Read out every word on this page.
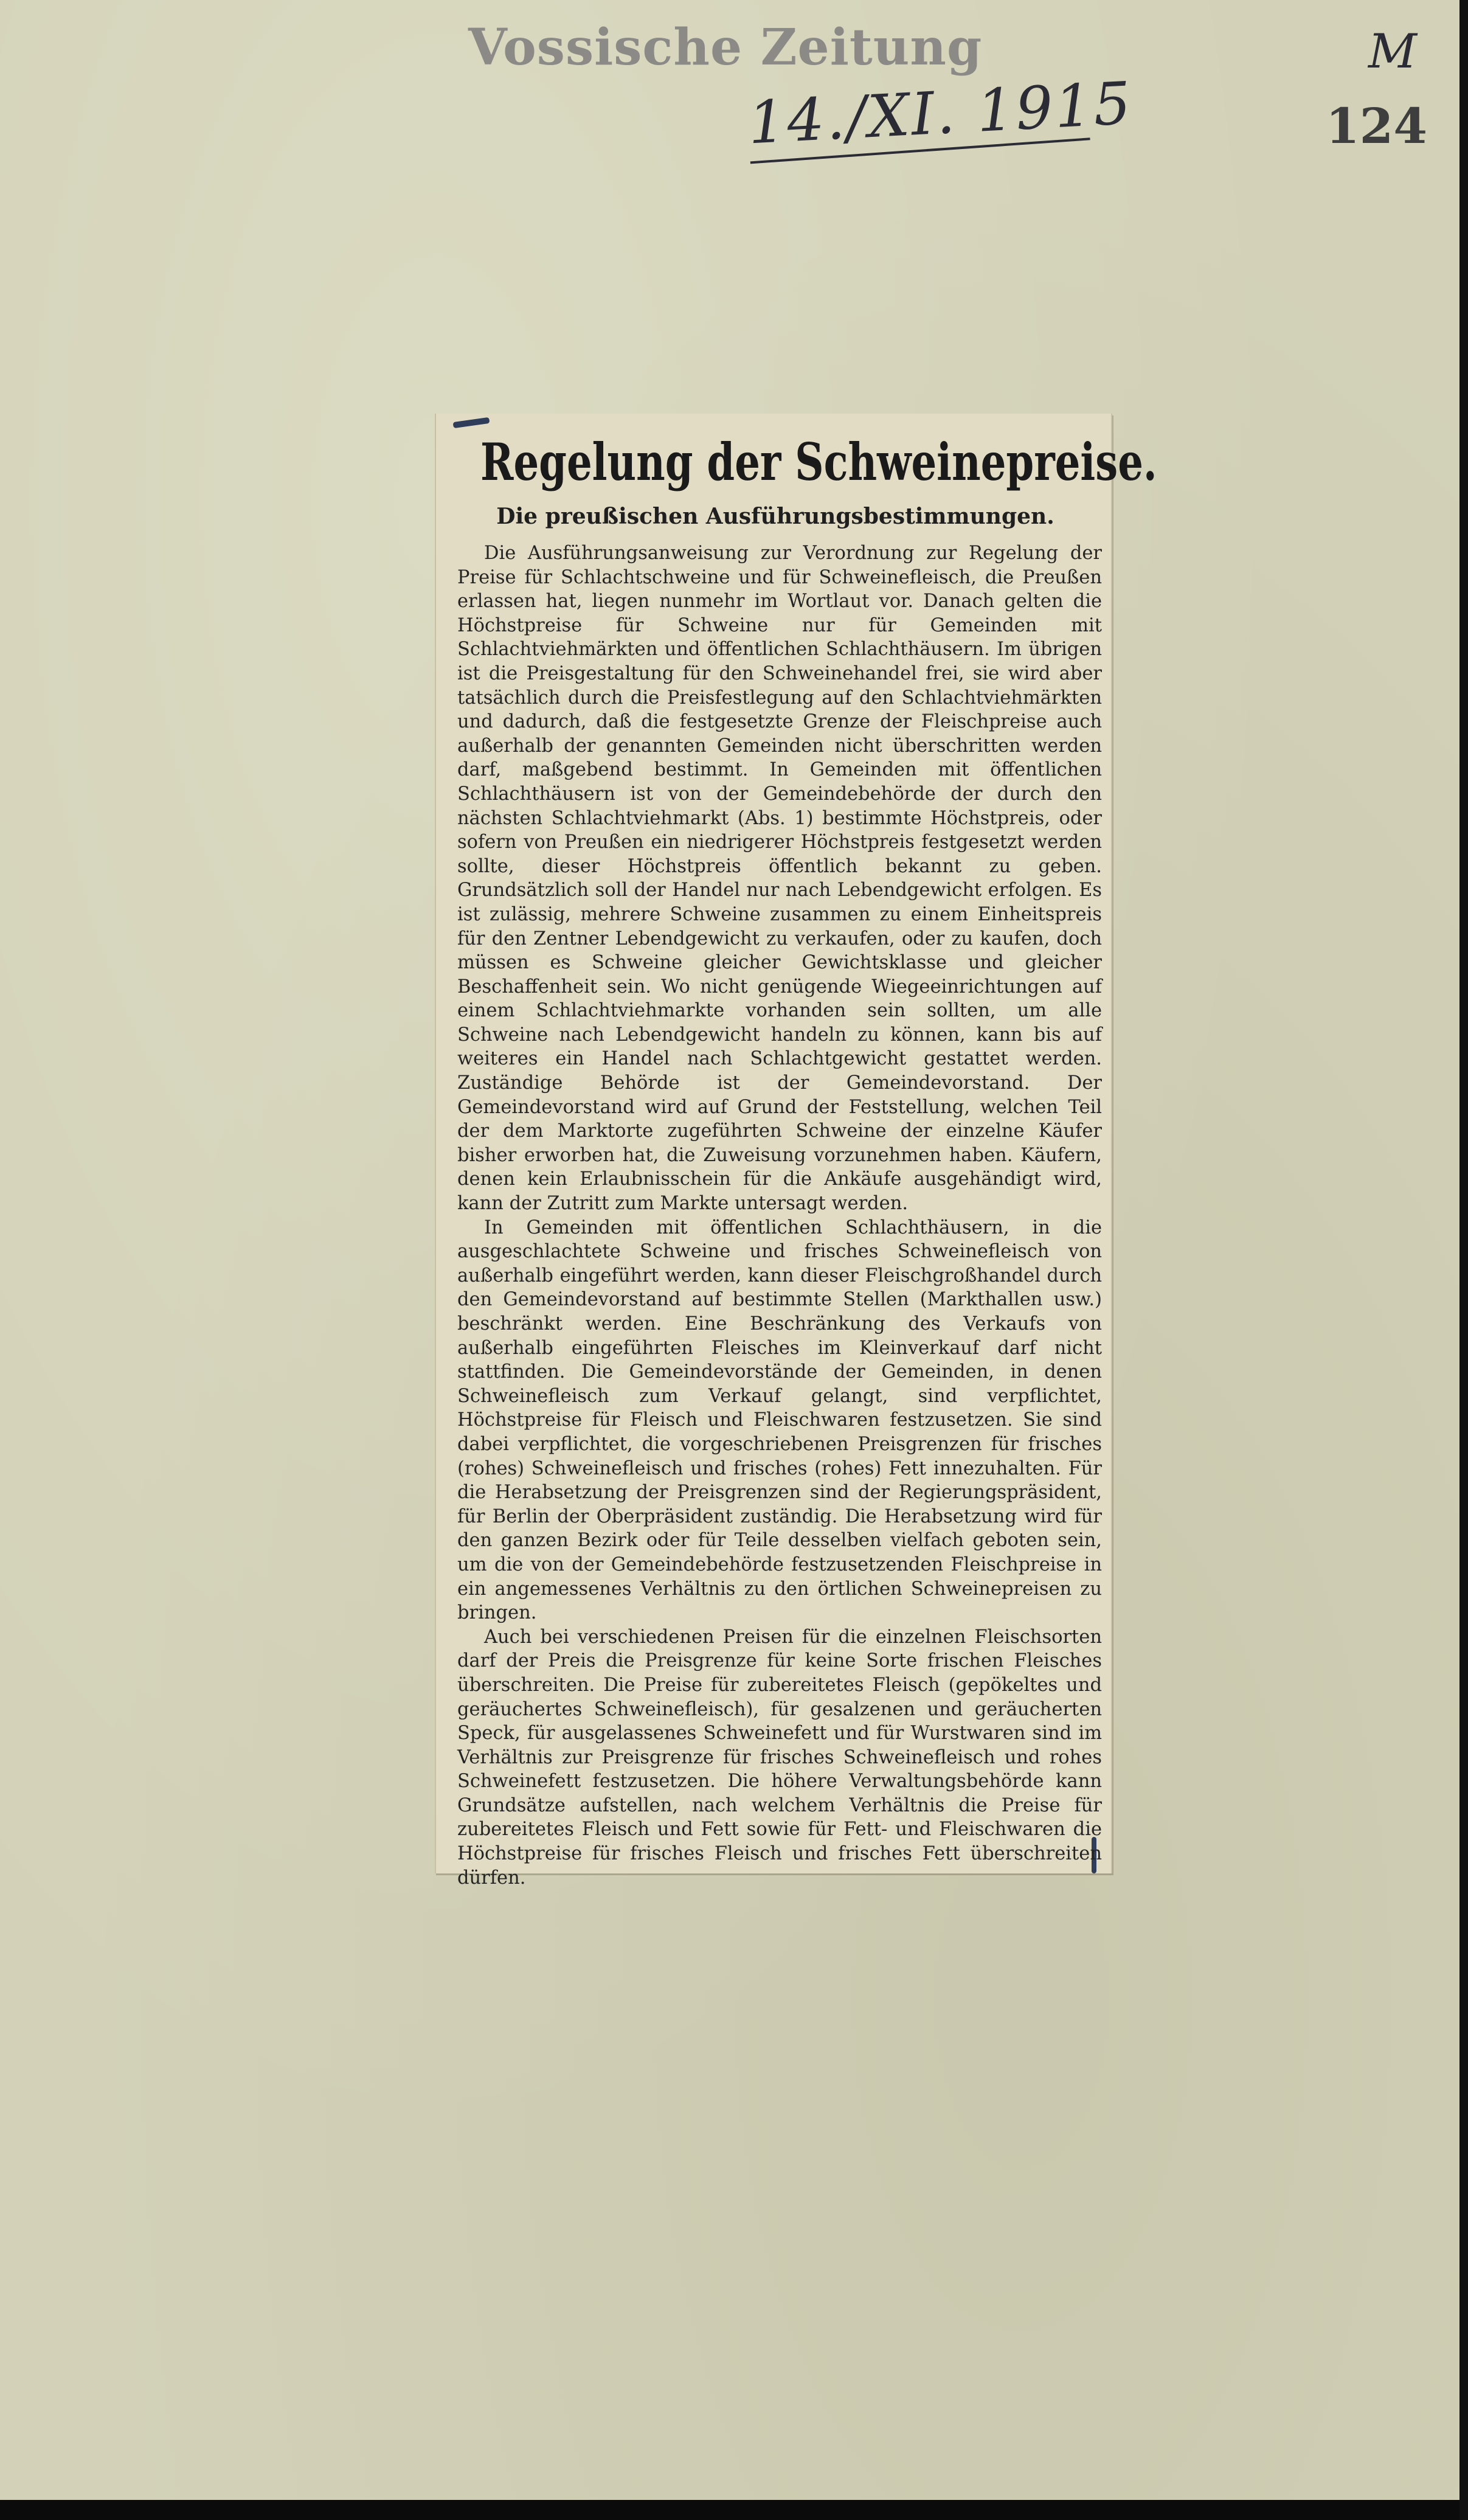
Vossische Zeitung
14./XI. 1915
M
124
Regelung der Schweinepreise.
Die preußischen Ausführungsbestimmungen.

Die Ausführungsanweisung zur Verordnung zur Regelung der Preise für Schlachtschweine und für Schweinefleisch, die Preußen erlassen hat, liegen nunmehr im Wortlaut vor. Danach gelten die Höchstpreise für Schweine nur für Gemeinden mit Schlachtviehmärkten und öffentlichen Schlachthäusern. Im übrigen ist die Preisgestaltung für den Schweinehandel frei, sie wird aber tatsächlich durch die Preisfestlegung auf den Schlachtviehmärkten und dadurch, daß die festgesetzte Grenze der Fleischpreise auch außerhalb der genannten Gemeinden nicht überschritten werden darf, maßgebend bestimmt. In Gemeinden mit öffentlichen Schlachthäusern ist von der Gemeindebehörde der durch den nächsten Schlachtviehmarkt (Abs. 1) bestimmte Höchstpreis, oder sofern von Preußen ein niedrigerer Höchstpreis festgesetzt werden sollte, dieser Höchstpreis öffentlich bekannt zu geben. Grundsätzlich soll der Handel nur nach Lebendgewicht erfolgen. Es ist zulässig, mehrere Schweine zusammen zu einem Einheitspreis für den Zentner Lebendgewicht zu verkaufen, oder zu kaufen, doch müssen es Schweine gleicher Gewichtsklasse und gleicher Beschaffenheit sein. Wo nicht genügende Wiegeeinrichtungen auf einem Schlachtviehmarkte vorhanden sein sollten, um alle Schweine nach Lebendgewicht handeln zu können, kann bis auf weiteres ein Handel nach Schlachtgewicht gestattet werden. Zuständige Behörde ist der Gemeindevorstand. Der Gemeindevorstand wird auf Grund der Feststellung, welchen Teil der dem Marktorte zugeführten Schweine der einzelne Käufer bisher erworben hat, die Zuweisung vorzunehmen haben. Käufern, denen kein Erlaubnisschein für die Ankäufe ausgehändigt wird, kann der Zutritt zum Markte untersagt werden.

In Gemeinden mit öffentlichen Schlachthäusern, in die ausgeschlachtete Schweine und frisches Schweinefleisch von außerhalb eingeführt werden, kann dieser Fleischgroßhandel durch den Gemeindevorstand auf bestimmte Stellen (Markthallen usw.) beschränkt werden. Eine Beschränkung des Verkaufs von außerhalb eingeführten Fleisches im Kleinverkauf darf nicht stattfinden. Die Gemeindevorstände der Gemeinden, in denen Schweinefleisch zum Verkauf gelangt, sind verpflichtet, Höchstpreise für Fleisch und Fleischwaren festzusetzen. Sie sind dabei verpflichtet, die vorgeschriebenen Preisgrenzen für frisches (rohes) Schweinefleisch und frisches (rohes) Fett innezuhalten. Für die Herabsetzung der Preisgrenzen sind der Regierungspräsident, für Berlin der Oberpräsident zuständig. Die Herabsetzung wird für den ganzen Bezirk oder für Teile desselben vielfach geboten sein, um die von der Gemeindebehörde festzusetzenden Fleischpreise in ein angemessenes Verhältnis zu den örtlichen Schweinepreisen zu bringen.

Auch bei verschiedenen Preisen für die einzelnen Fleischsorten darf der Preis die Preisgrenze für keine Sorte frischen Fleisches überschreiten. Die Preise für zubereitetes Fleisch (gepökeltes und geräuchertes Schweinefleisch), für gesalzenen und geräucherten Speck, für ausgelassenes Schweinefett und für Wurstwaren sind im Verhältnis zur Preisgrenze für frisches Schweinefleisch und rohes Schweinefett festzusetzen. Die höhere Verwaltungsbehörde kann Grundsätze aufstellen, nach welchem Verhältnis die Preise für zubereitetes Fleisch und Fett sowie für Fett- und Fleischwaren die Höchstpreise für frisches Fleisch und frisches Fett überschreiten dürfen.
